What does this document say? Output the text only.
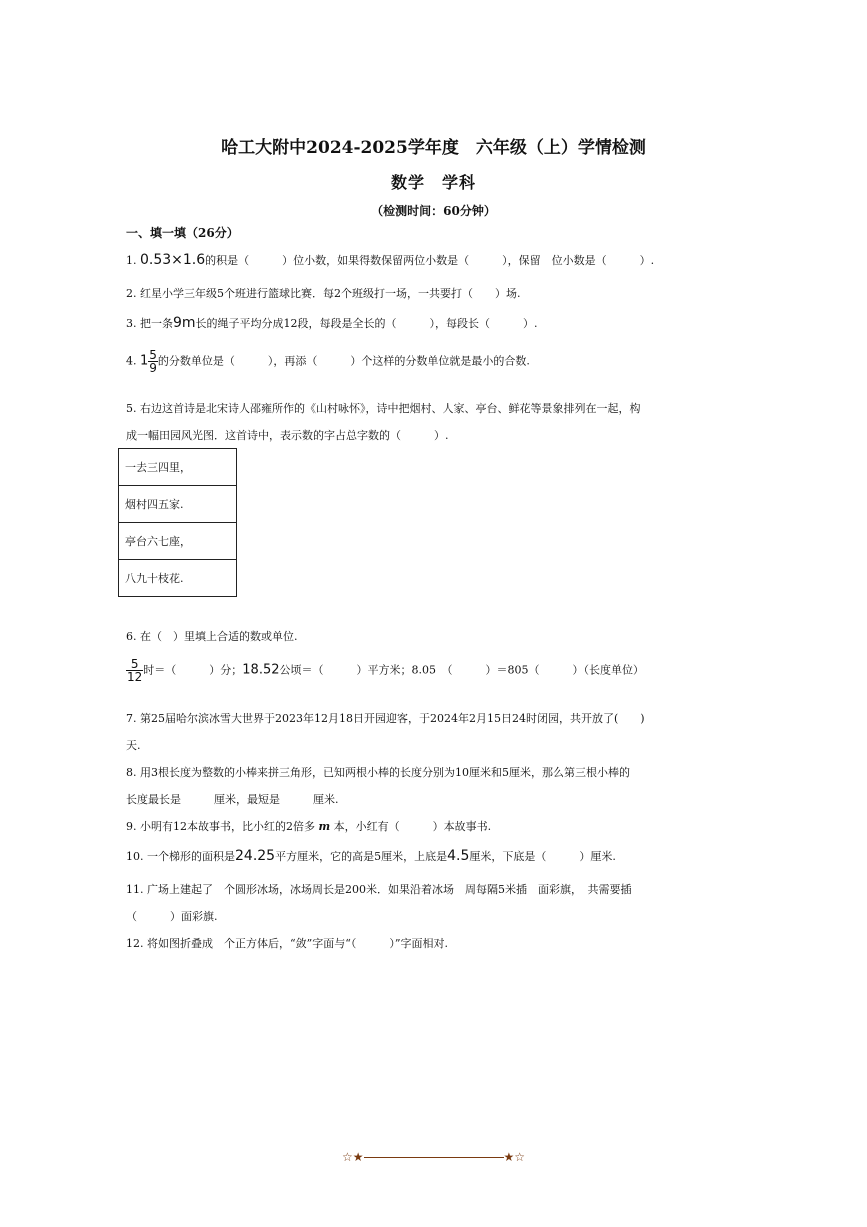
哈工大附中2024-2025学年度　六年级（上）学情检测
数学　学科
（检测时间：60分钟）
一、填一填（26分）
1. 0.53×1.6的积是（　　　）位小数，如果得数保留两位小数是（　　　），保留　位小数是（　　　）.
2. 红星小学三年级5个班进行篮球比赛．每2个班级打一场，一共要打（　　）场.
3. 把一条9m长的绳子平均分成12段，每段是全长的（　　　），每段长（　　　）.
4. $1 \frac{5}{9}$ 的分数单位是（　　　），再添（　　　）个这样的分数单位就是最小的合数.
5. 右边这首诗是北宋诗人邵雍所作的《山村咏怀》，诗中把烟村、人家、亭台、鲜花等景象排列在一起，构
成一幅田园风光图．这首诗中，表示数的字占总字数的（　　　）.
一去三四里，
烟村四五家.
亭台六七座，
八九十枝花.
6. 在（　）里填上合适的数或单位.
$\frac{5}{12}$ 时＝（　　　）分；18.52公顷＝（　　　）平方米；8.05　（　　　）＝805（　　　）（长度单位）
7. 第25届哈尔滨冰雪大世界于2023年12月18日开园迎客，于2024年2月15日24时闭园，共开放了(　　)
天.
8. 用3根长度为整数的小棒来拼三角形，已知两根小棒的长度分别为10厘米和5厘米，那么第三根小棒的
长度最长是　　　厘米，最短是　　　厘米.
9. 小明有12本故事书，比小红的2倍多 m 本，小红有（　　　）本故事书.
10. 一个梯形的面积是24.25平方厘米，它的高是5厘米，上底是4.5厘米，下底是（　　　）厘米.
11. 广场上建起了　个圆形冰场，冰场周长是200米．如果沿着冰场　周每隔5米插　面彩旗，　共需要插
（　　　）面彩旗.
12. 将如图折叠成　个正方体后，“敛”字面与“（　　　）”字面相对.
☆★	★☆
